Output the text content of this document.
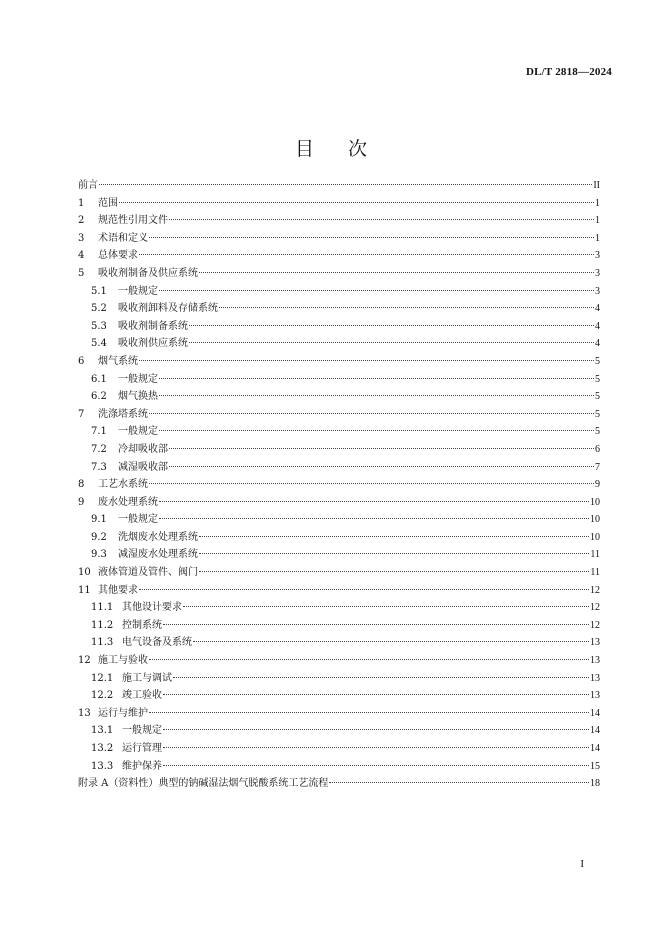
DL/T 2818—2024
目 次
前言	II
1	范围	1
2	规范性引用文件	1
3	术语和定义	1
4	总体要求	3
5	吸收剂制备及供应系统	3
5.1	一般规定	3
5.2	吸收剂卸料及存储系统	4
5.3	吸收剂制备系统	4
5.4	吸收剂供应系统	4
6	烟气系统	5
6.1	一般规定	5
6.2	烟气换热	5
7	洗涤塔系统	5
7.1	一般规定	5
7.2	冷却吸收部	6
7.3	减湿吸收部	7
8	工艺水系统	9
9	废水处理系统	10
9.1	一般规定	10
9.2	洗烟废水处理系统	10
9.3	减湿废水处理系统	11
10 液体管道及管件、阀门	11
11 其他要求	12
11.1 其他设计要求	12
11.2 控制系统	12
11.3 电气设备及系统	13
12 施工与验收	13
12.1 施工与调试	13
12.2 竣工验收	13
13 运行与维护	14
13.1 一般规定	14
13.2 运行管理	14
13.3 维护保养	15
附录 A（资料性）典型的钠碱湿法烟气脱酸系统工艺流程	18
I
